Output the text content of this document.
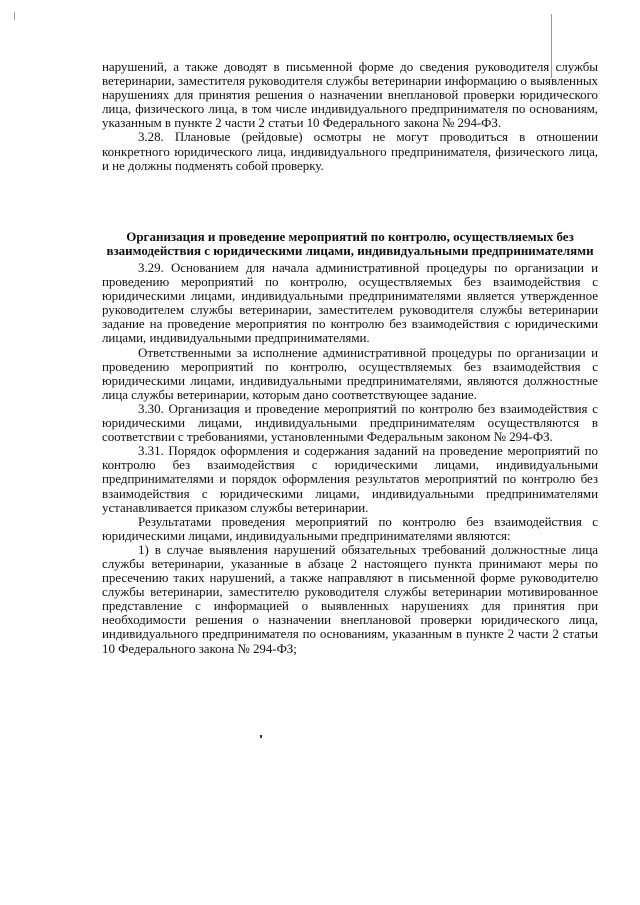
нарушений, а также доводят в письменной форме до сведения руководителя службы ветеринарии, заместителя руководителя службы ветеринарии информацию о выявленных нарушениях для принятия решения о назначении внеплановой проверки юридического лица, физического лица, в том числе индивидуального предпринимателя по основаниям, указанным в пункте 2 части 2 статьи 10 Федерального закона № 294-ФЗ.

3.28. Плановые (рейдовые) осмотры не могут проводиться в отношении конкретного юридического лица, индивидуального предпринимателя, физического лица, и не должны подменять собой проверку.

Организация и проведение мероприятий по контролю, осуществляемых без взаимодействия с юридическими лицами, индивидуальными предпринимателями

3.29. Основанием для начала административной процедуры по организации и проведению мероприятий по контролю, осуществляемых без взаимодействия с юридическими лицами, индивидуальными предпринимателями является утвержденное руководителем службы ветеринарии, заместителем руководителя службы ветеринарии задание на проведение мероприятия по контролю без взаимодействия с юридическими лицами, индивидуальными предпринимателями.

Ответственными за исполнение административной процедуры по организации и проведению мероприятий по контролю, осуществляемых без взаимодействия с юридическими лицами, индивидуальными предпринимателями, являются должностные лица службы ветеринарии, которым дано соответствующее задание.

3.30. Организация и проведение мероприятий по контролю без взаимодействия с юридическими лицами, индивидуальными предпринимателям осуществляются в соответствии с требованиями, установленными Федеральным законом № 294-ФЗ.

3.31. Порядок оформления и содержания заданий на проведение мероприятий по контролю без взаимодействия с юридическими лицами, индивидуальными предпринимателями и порядок оформления результатов мероприятий по контролю без взаимодействия с юридическими лицами, индивидуальными предпринимателями устанавливается приказом службы ветеринарии.

Результатами проведения мероприятий по контролю без взаимодействия с юридическими лицами, индивидуальными предпринимателями являются:

1) в случае выявления нарушений обязательных требований должностные лица службы ветеринарии, указанные в абзаце 2 настоящего пункта принимают меры по пресечению таких нарушений, а также направляют в письменной форме руководителю службы ветеринарии, заместителю руководителя службы ветеринарии мотивированное представление с информацией о выявленных нарушениях для принятия при необходимости решения о назначении внеплановой проверки юридического лица, индивидуального предпринимателя по основаниям, указанным в пункте 2 части 2 статьи 10 Федерального закона № 294-ФЗ;
